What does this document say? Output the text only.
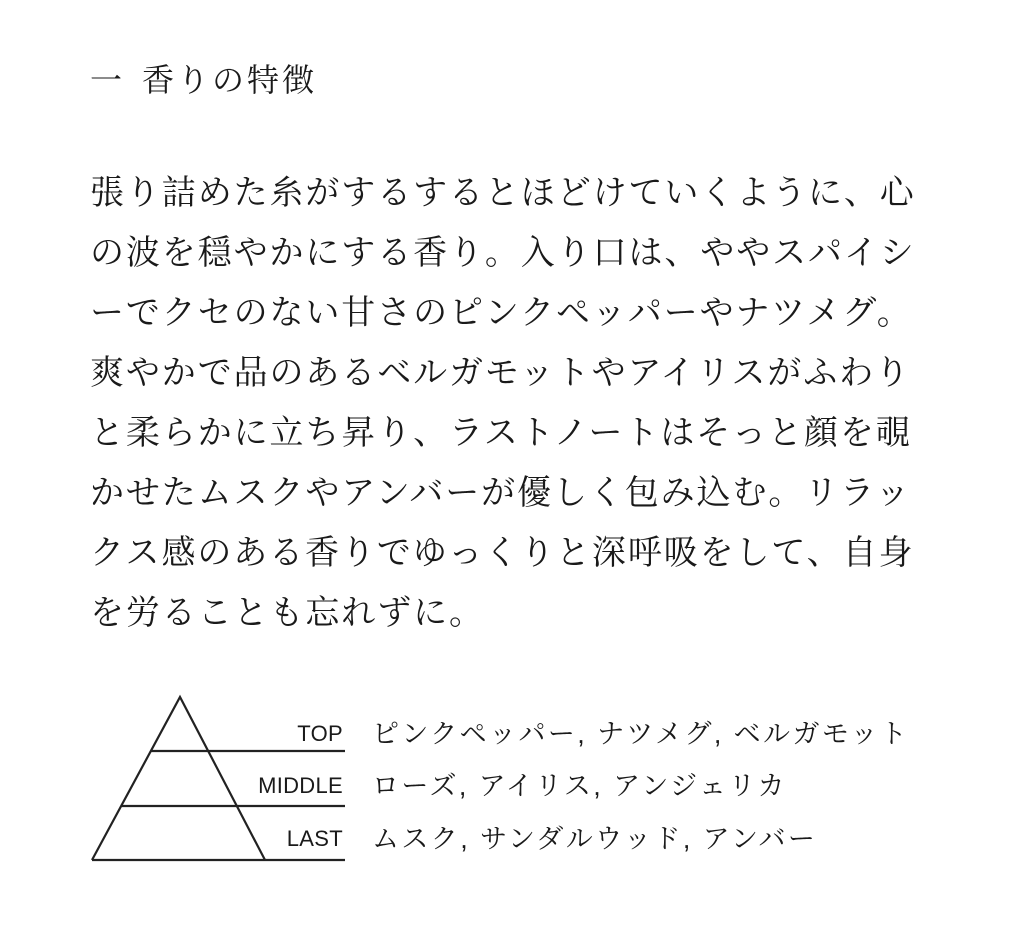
一 香りの特徴
張り詰めた糸がするするとほどけていくように、心
の波を穏やかにする香り。入り口は、ややスパイシ
ーでクセのない甘さのピンクペッパーやナツメグ。
爽やかで品のあるベルガモットやアイリスがふわり
と柔らかに立ち昇り、ラストノートはそっと顔を覗
かせたムスクやアンバーが優しく包み込む。リラッ
クス感のある香りでゆっくりと深呼吸をして、自身
を労ることも忘れずに。
TOP ピンクペッパー, ナツメグ, ベルガモット
MIDDLE ローズ, アイリス, アンジェリカ
LAST ムスク, サンダルウッド, アンバー
